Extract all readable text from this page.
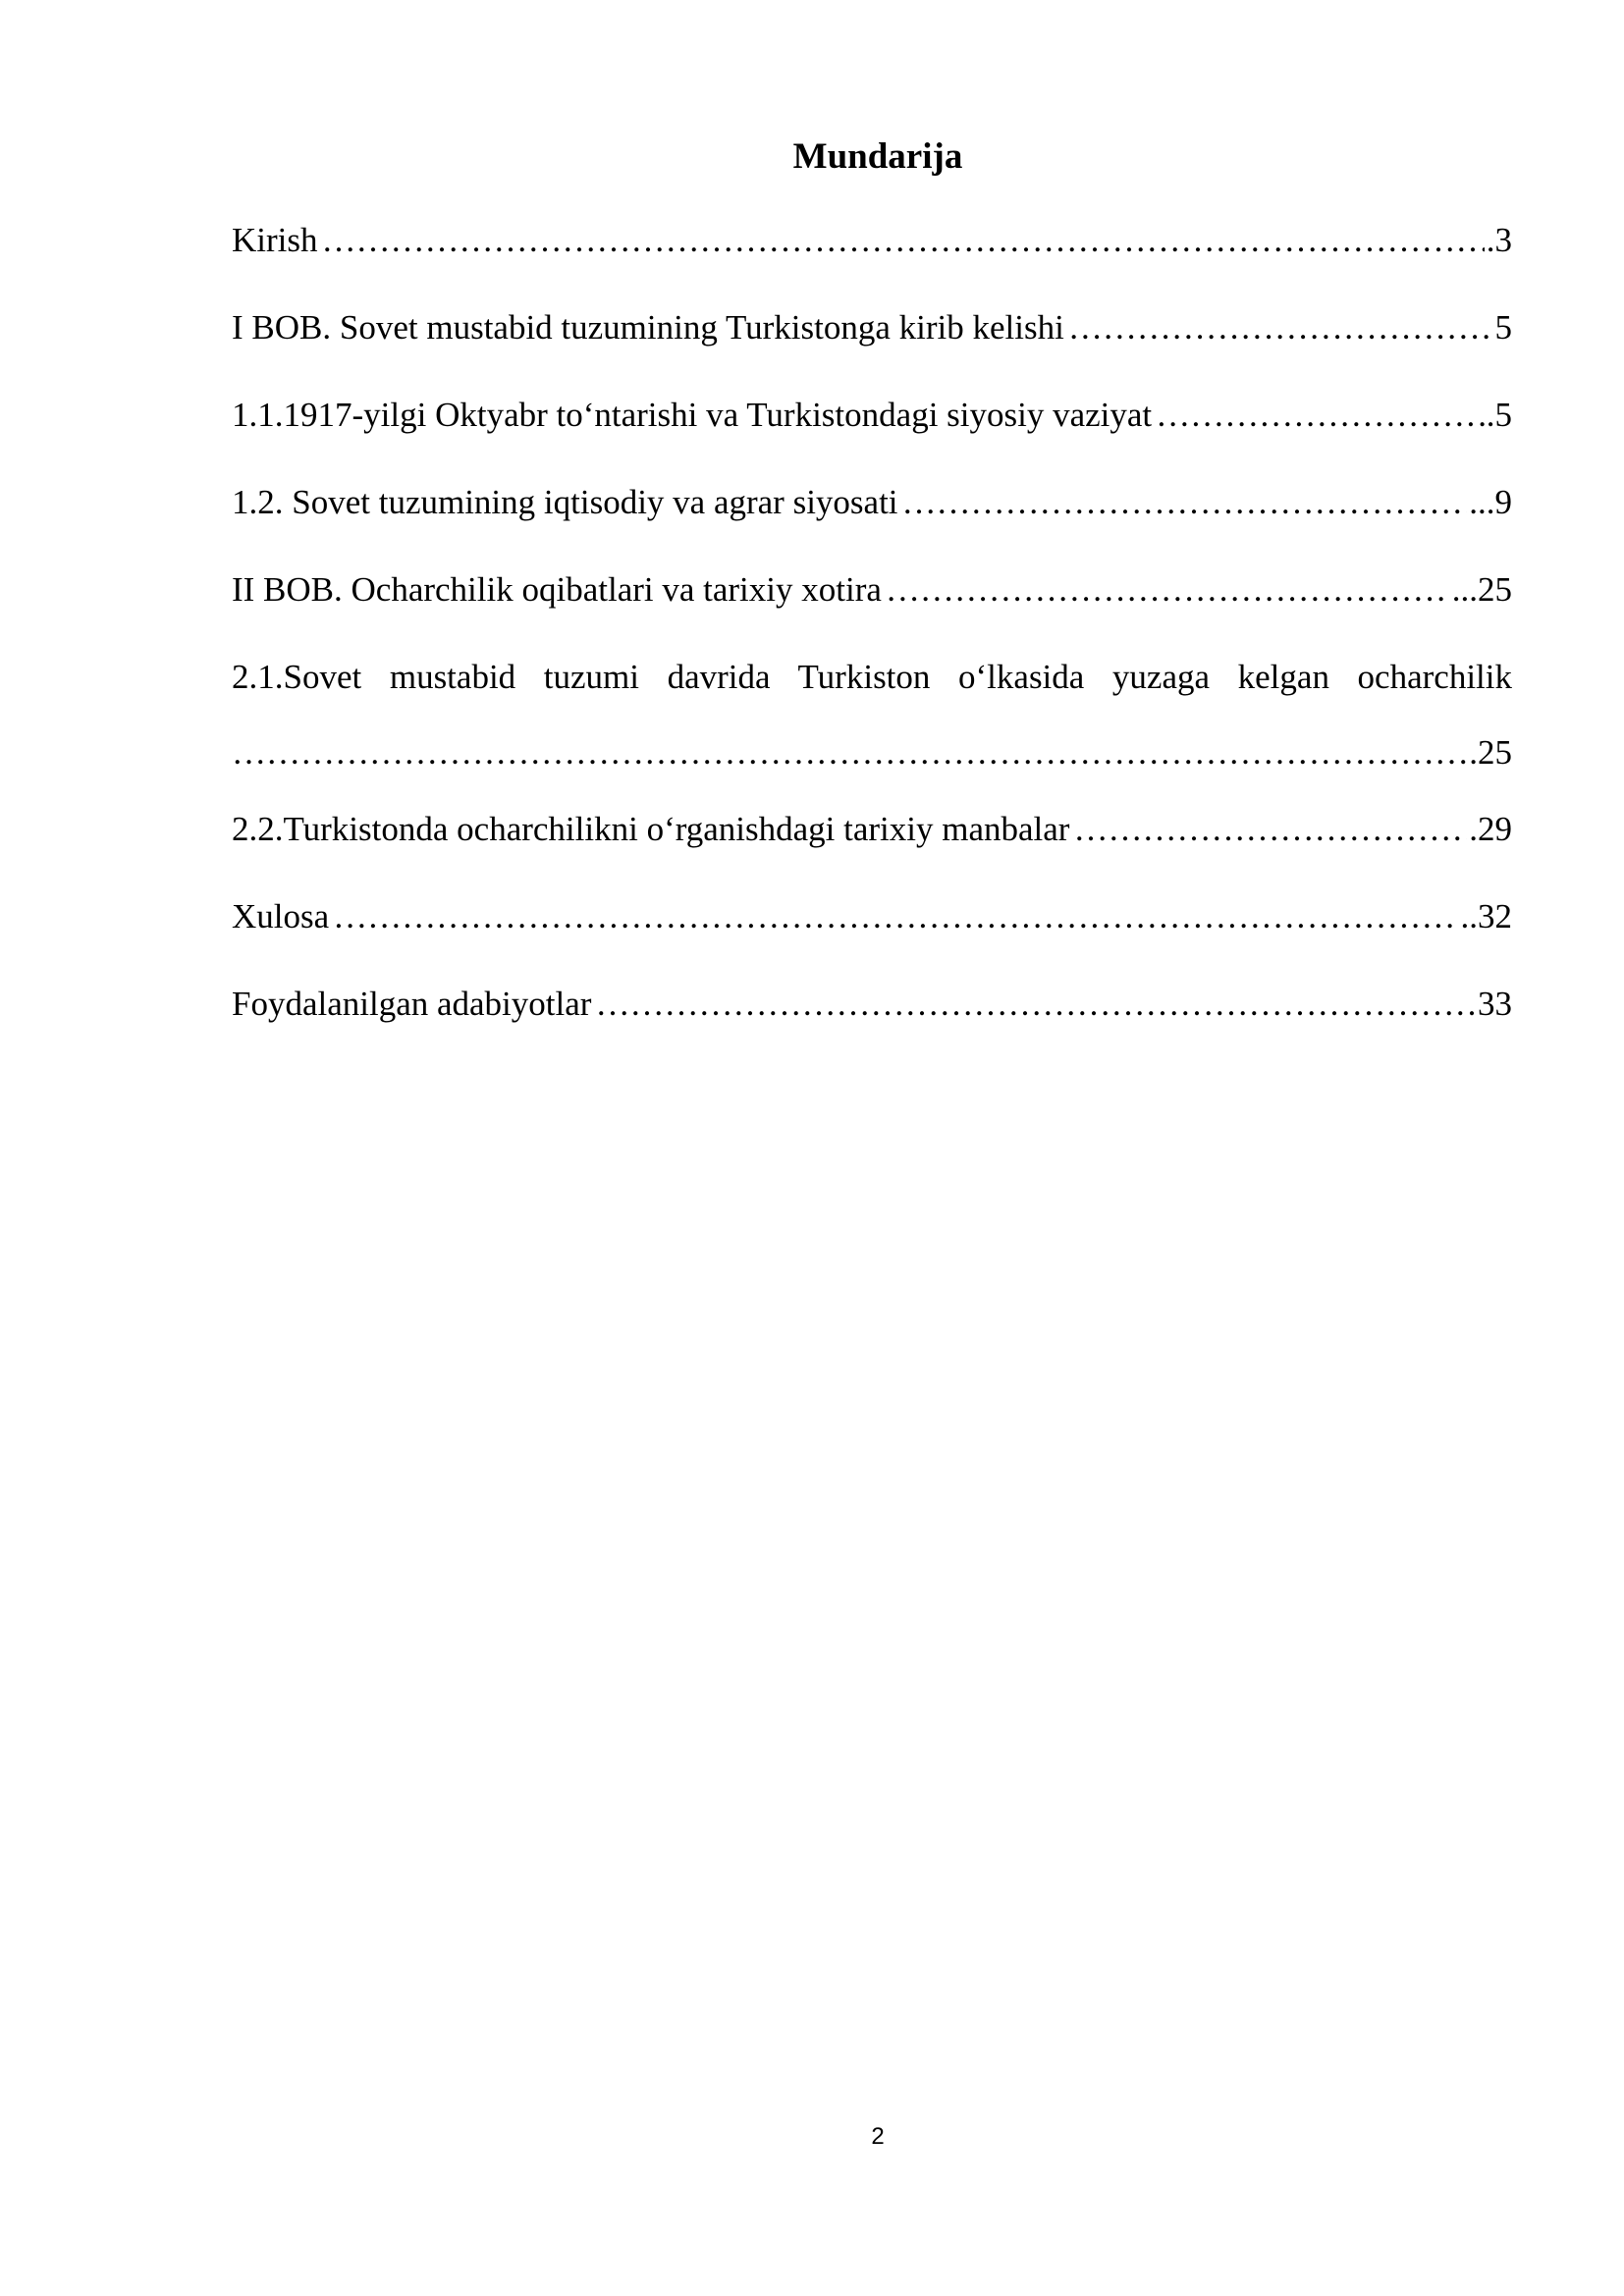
Mundarija
Kirish	.3
………………………………………………………………………………………………………………………………………………………………………………
I BOB. Sovet mustabid tuzumining Turkistonga kirib kelishi	5
………………………………………………………………………………………………………………………………………………………………………………
1.1.1917-yilgi Oktyabr to‘ntarishi va Turkistondagi siyosiy vaziyat	.5
………………………………………………………………………………………………………………………………………………………………………………
1.2. Sovet tuzumining iqtisodiy va agrar siyosati	...9
………………………………………………………………………………………………………………………………………………………………………………
II BOB. Ocharchilik oqibatlari va tarixiy xotira	...25
………………………………………………………………………………………………………………………………………………………………………………
2.1.Sovet mustabid tuzumi davrida Turkiston o‘lkasida yuzaga kelgan ocharchilik
.25
………………………………………………………………………………………………………………………………………………………………………………
2.2.Turkistonda ocharchilikni o‘rganishdagi tarixiy manbalar	.29
………………………………………………………………………………………………………………………………………………………………………………
Xulosa	..32
………………………………………………………………………………………………………………………………………………………………………………
Foydalanilgan adabiyotlar	33
………………………………………………………………………………………………………………………………………………………………………………
2
